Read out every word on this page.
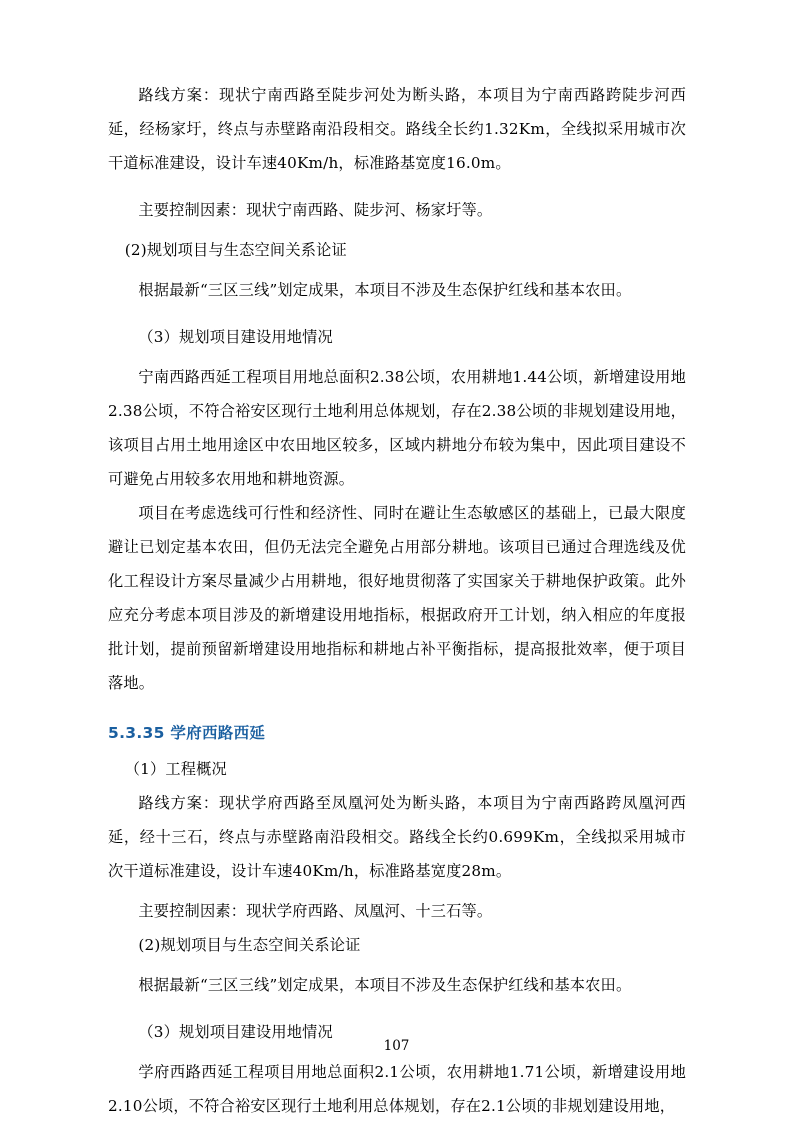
路线方案：现状宁南西路至陡步河处为断头路，本项目为宁南西路跨陡步河西延，经杨家圩，终点与赤壁路南沿段相交。路线全长约1.32Km，全线拟采用城市次干道标准建设，设计车速40Km/h，标准路基宽度16.0m。

主要控制因素：现状宁南西路、陡步河、杨家圩等。

(2)规划项目与生态空间关系论证

根据最新“三区三线”划定成果，本项目不涉及生态保护红线和基本农田。

（3）规划项目建设用地情况

宁南西路西延工程项目用地总面积2.38公顷，农用耕地1.44公顷，新增建设用地2.38公顷，不符合裕安区现行土地利用总体规划，存在2.38公顷的非规划建设用地，该项目占用土地用途区中农田地区较多，区域内耕地分布较为集中，因此项目建设不可避免占用较多农用地和耕地资源。

项目在考虑选线可行性和经济性、同时在避让生态敏感区的基础上，已最大限度避让已划定基本农田，但仍无法完全避免占用部分耕地。该项目已通过合理选线及优化工程设计方案尽量减少占用耕地，很好地贯彻落了实国家关于耕地保护政策。此外应充分考虑本项目涉及的新增建设用地指标，根据政府开工计划，纳入相应的年度报批计划，提前预留新增建设用地指标和耕地占补平衡指标，提高报批效率，便于项目落地。

5.3.35 学府西路西延

（1）工程概况

路线方案：现状学府西路至凤凰河处为断头路，本项目为宁南西路跨凤凰河西延，经十三石，终点与赤壁路南沿段相交。路线全长约0.699Km，全线拟采用城市次干道标准建设，设计车速40Km/h，标准路基宽度28m。

主要控制因素：现状学府西路、凤凰河、十三石等。

(2)规划项目与生态空间关系论证

根据最新“三区三线”划定成果，本项目不涉及生态保护红线和基本农田。

（3）规划项目建设用地情况

学府西路西延工程项目用地总面积2.1公顷，农用耕地1.71公顷，新增建设用地2.10公顷，不符合裕安区现行土地利用总体规划，存在2.1公顷的非规划建设用地，

107
